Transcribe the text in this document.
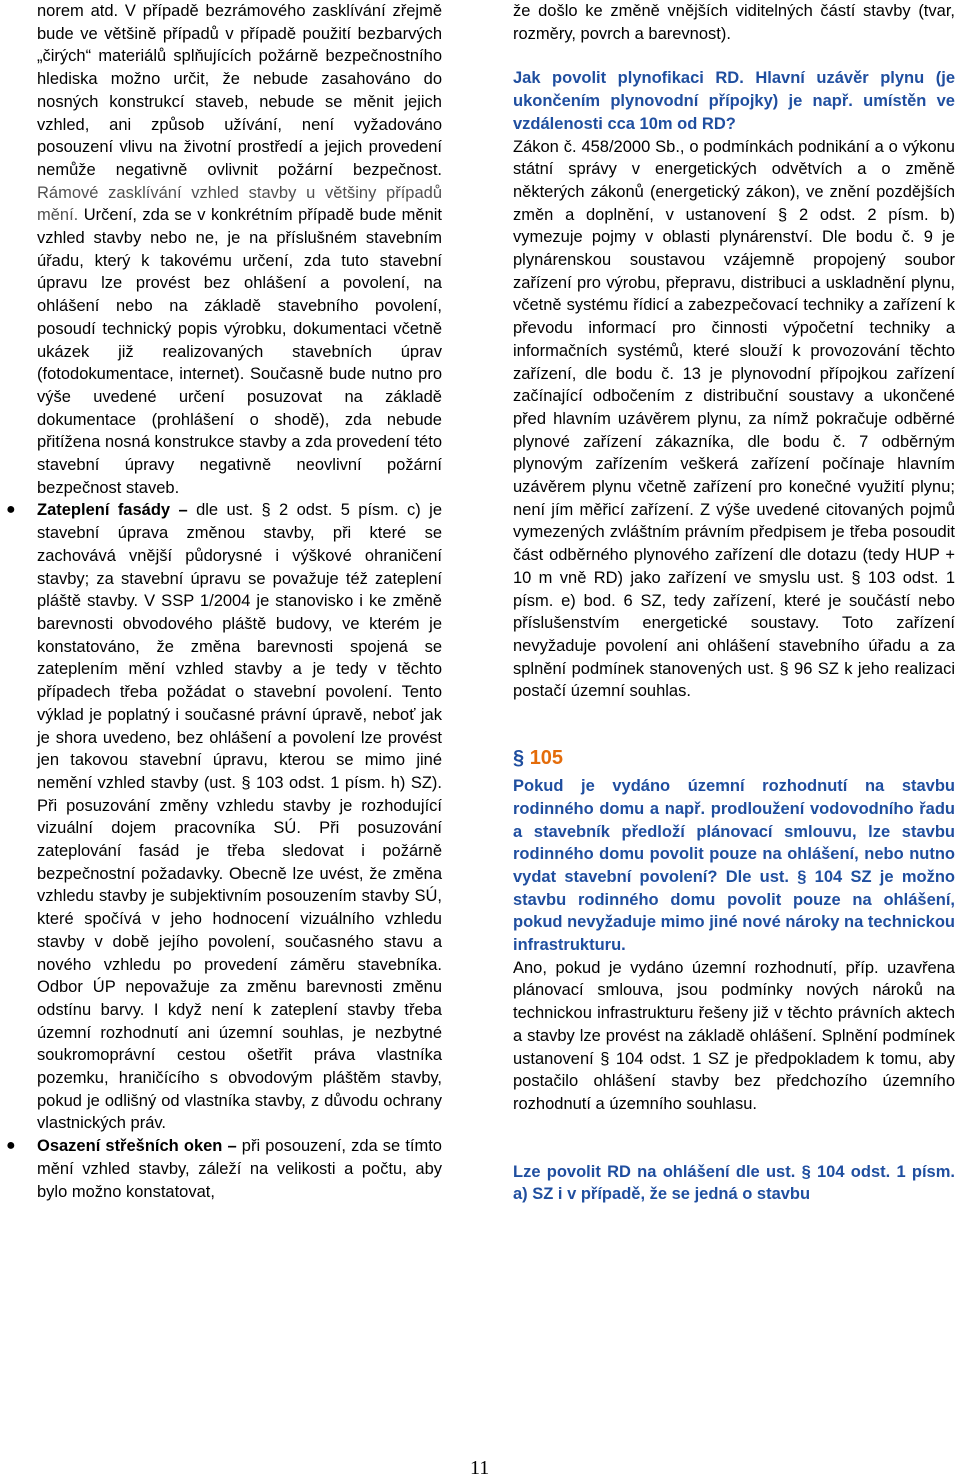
norem atd. V případě bezrámového zasklívání zřejmě bude ve většině případů v případě použití bezbarvých „čirých“ materiálů splňujících požárně bezpečnostního hlediska možno určit, že nebude zasahováno do nosných konstrukcí staveb, nebude se měnit jejich vzhled, ani způsob užívání, není vyžadováno posouzení vlivu na životní prostředí a jejich provedení nemůže negativně ovlivnit požární bezpečnost. Rámové zasklívání vzhled stavby u většiny případů mění. Určení, zda se v konkrétním případě bude měnit vzhled stavby nebo ne, je na příslušném stavebním úřadu, který k takovému určení, zda tuto stavební úpravu lze provést bez ohlášení a povolení, na ohlášení nebo na základě stavebního povolení, posoudí technický popis výrobku, dokumentaci včetně ukázek již realizovaných stavebních úprav (fotodokumentace, internet). Současně bude nutno pro výše uvedené určení posuzovat na základě dokumentace (prohlášení o shodě), zda nebude přitížena nosná konstrukce stavby a zda provedení této stavební úpravy negativně neovlivní požární bezpečnost staveb.

● Zateplení fasády – dle ust. § 2 odst. 5 písm. c) je stavební úprava změnou stavby, při které se zachovává vnější půdorysné i výškové ohraničení stavby; za stavební úpravu se považuje též zateplení pláště stavby. V SSP 1/2004 je stanovisko i ke změně barevnosti obvodového pláště budovy, ve kterém je konstatováno, že změna barevnosti spojená se zateplením mění vzhled stavby a je tedy v těchto případech třeba požádat o stavební povolení. Tento výklad je poplatný i současné právní úpravě, neboť jak je shora uvedeno, bez ohlášení a povolení lze provést jen takovou stavební úpravu, kterou se mimo jiné nemění vzhled stavby (ust. § 103 odst. 1 písm. h) SZ). Při posuzování změny vzhledu stavby je rozhodující vizuální dojem pracovníka SÚ. Při posuzování zateplování fasád je třeba sledovat i požárně bezpečnostní požadavky. Obecně lze uvést, že změna vzhledu stavby je subjektivním posouzením stavby SÚ, které spočívá v jeho hodnocení vizuálního vzhledu stavby v době jejího povolení, současného stavu a nového vzhledu po provedení záměru stavebníka. Odbor ÚP nepovažuje za změnu barevnosti změnu odstínu barvy. I když není k zateplení stavby třeba územní rozhodnutí ani územní souhlas, je nezbytné soukromoprávní cestou ošetřit práva vlastníka pozemku, hraničícího s obvodovým pláštěm stavby, pokud je odlišný od vlastníka stavby, z důvodu ochrany vlastnických práv.

● Osazení střešních oken – při posouzení, zda se tímto mění vzhled stavby, záleží na velikosti a počtu, aby bylo možno konstatovat,

že došlo ke změně vnějších viditelných částí stavby (tvar, rozměry, povrch a barevnost).

Jak povolit plynofikaci RD. Hlavní uzávěr plynu (je ukončením plynovodní přípojky) je např. umístěn ve vzdálenosti cca 10m od RD?

Zákon č. 458/2000 Sb., o podmínkách podnikání a o výkonu státní správy v energetických odvětvích a o změně některých zákonů (energetický zákon), ve znění pozdějších změn a doplnění, v ustanovení § 2 odst. 2 písm. b) vymezuje pojmy v oblasti plynárenství. Dle bodu č. 9 je plynárenskou soustavou vzájemně propojený soubor zařízení pro výrobu, přepravu, distribuci a uskladnění plynu, včetně systému řídicí a zabezpečovací techniky a zařízení k převodu informací pro činnosti výpočetní techniky a informačních systémů, které slouží k provozování těchto zařízení, dle bodu č. 13 je plynovodní přípojkou zařízení začínající odbočením z distribuční soustavy a ukončené před hlavním uzávěrem plynu, za nímž pokračuje odběrné plynové zařízení zákazníka, dle bodu č. 7 odběrným plynovým zařízením veškerá zařízení počínaje hlavním uzávěrem plynu včetně zařízení pro konečné využití plynu; není jím měřicí zařízení. Z výše uvedené citovaných pojmů vymezených zvláštním právním předpisem je třeba posoudit část odběrného plynového zařízení dle dotazu (tedy HUP + 10 m vně RD) jako zařízení ve smyslu ust. § 103 odst. 1 písm. e) bod. 6 SZ, tedy zařízení, které je součástí nebo příslušenstvím energetické soustavy. Toto zařízení nevyžaduje povolení ani ohlášení stavebního úřadu a za splnění podmínek stanovených ust. § 96 SZ k jeho realizaci postačí územní souhlas.

§ 105

Pokud je vydáno územní rozhodnutí na stavbu rodinného domu a např. prodloužení vodovodního řadu a stavebník předloží plánovací smlouvu, lze stavbu rodinného domu povolit pouze na ohlášení, nebo nutno vydat stavební povolení? Dle ust. § 104 SZ je možno stavbu rodinného domu povolit pouze na ohlášení, pokud nevyžaduje mimo jiné nové nároky na technickou infrastrukturu.

Ano, pokud je vydáno územní rozhodnutí, příp. uzavřena plánovací smlouva, jsou podmínky nových nároků na technickou infrastrukturu řešeny již v těchto právních aktech a stavby lze provést na základě ohlášení. Splnění podmínek ustanovení § 104 odst. 1 SZ je předpokladem k tomu, aby postačilo ohlášení stavby bez předchozího územního rozhodnutí a územního souhlasu.

Lze povolit RD na ohlášení dle ust. § 104 odst. 1 písm. a) SZ i v případě, že se jedná o stavbu

11
